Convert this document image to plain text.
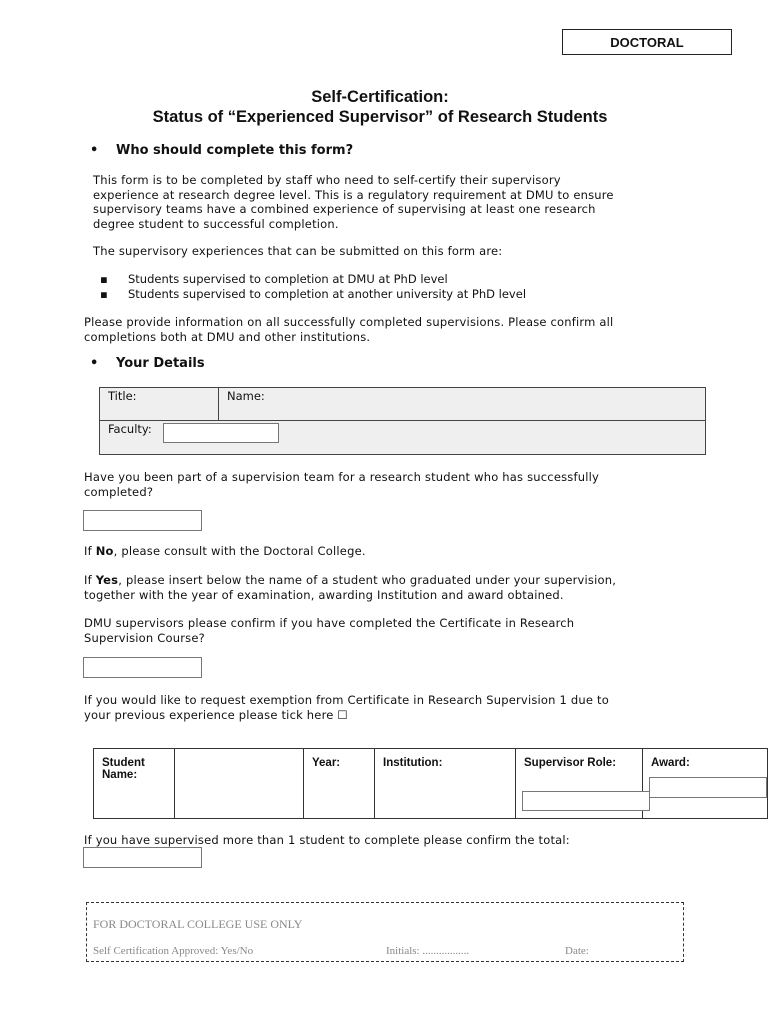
DOCTORAL
Self-Certification:
Status of “Experienced Supervisor” of Research Students
• Who should complete this form?
This form is to be completed by staff who need to self-certify their supervisory
experience at research degree level. This is a regulatory requirement at DMU to ensure
supervisory teams have a combined experience of supervising at least one research
degree student to successful completion.
The supervisory experiences that can be submitted on this form are:
▪ Students supervised to completion at DMU at PhD level
▪ Students supervised to completion at another university at PhD level
Please provide information on all successfully completed supervisions. Please confirm all
completions both at DMU and other institutions.
• Your Details
Title:	Name:
Faculty:
Have you been part of a supervision team for a research student who has successfully
completed?
If No, please consult with the Doctoral College.
If Yes, please insert below the name of a student who graduated under your supervision,
together with the year of examination, awarding Institution and award obtained.
DMU supervisors please confirm if you have completed the Certificate in Research
Supervision Course?
If you would like to request exemption from Certificate in Research Supervision 1 due to
your previous experience please tick here ☐
Student Name:		Year:	Institution:	Supervisor Role:	Award:
If you have supervised more than 1 student to complete please confirm the total:
FOR DOCTORAL COLLEGE USE ONLY
Self Certification Approved: Yes/No	Initials: .................	Date:
